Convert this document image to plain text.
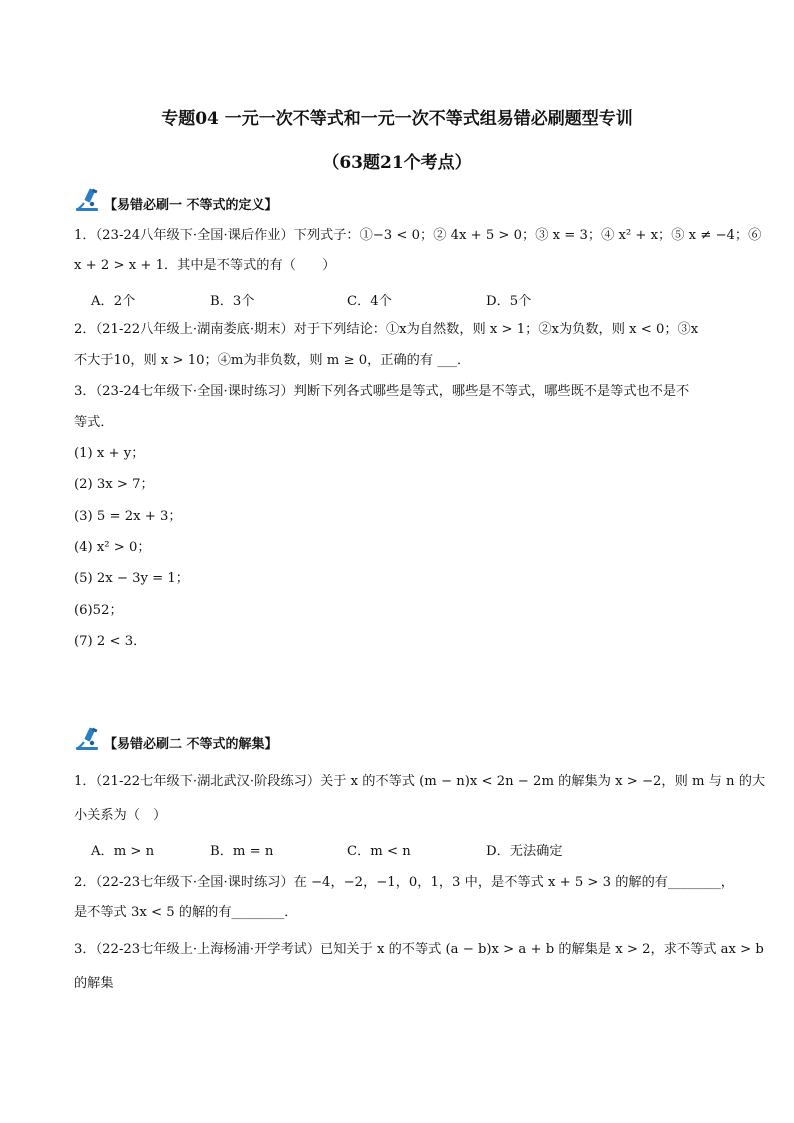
专题04 一元一次不等式和一元一次不等式组易错必刷题型专训
（63题21个考点）
【易错必刷一 不等式的定义】
1．（23-24八年级下·全国·课后作业）下列式子：①−3 < 0；② 4x + 5 > 0；③ x = 3；④ x² + x；⑤ x ≠ −4；⑥
x + 2 > x + 1．其中是不等式的有（　　）
A．2个	B．3个	C．4个	D．5个
2．（21-22八年级上·湖南娄底·期末）对于下列结论：①x为自然数，则 x > 1；②x为负数，则 x < 0；③x
不大于10，则 x > 10；④m为非负数，则 m ≥ 0，正确的有 ___．
3．（23-24七年级下·全国·课时练习）判断下列各式哪些是等式，哪些是不等式，哪些既不是等式也不是不
等式．
(1) x + y；
(2) 3x > 7；
(3) 5 = 2x + 3；
(4) x² > 0；
(5) 2x − 3y = 1；
(6)52；
(7) 2 < 3．
【易错必刷二 不等式的解集】
1．（21-22七年级下·湖北武汉·阶段练习）关于 x 的不等式 (m − n)x < 2n − 2m 的解集为 x > −2，则 m 与 n 的大
小关系为（　）
A．m > n	B．m = n	C．m < n	D．无法确定
2．（22-23七年级下·全国·课时练习）在 −4，−2，−1，0，1，3 中，是不等式 x + 5 > 3 的解的有________，
是不等式 3x < 5 的解的有________．
3．（22-23七年级上·上海杨浦·开学考试）已知关于 x 的不等式 (a − b)x > a + b 的解集是 x > 2，求不等式 ax > b
的解集
